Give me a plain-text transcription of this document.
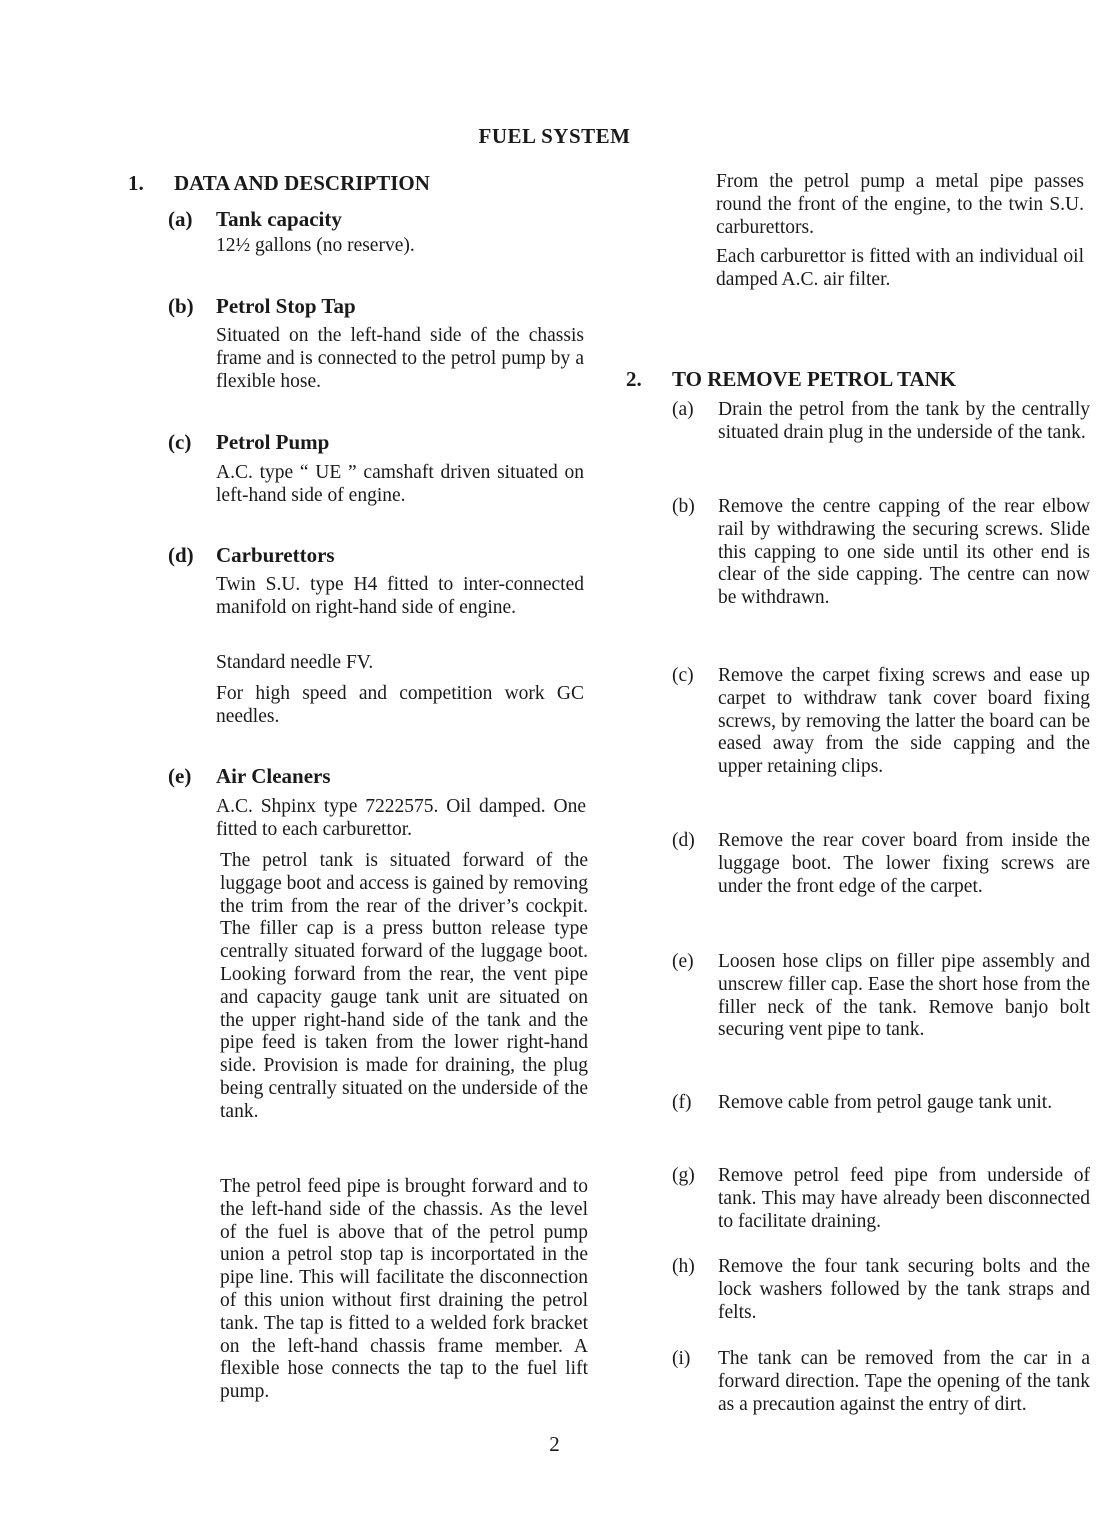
FUEL SYSTEM
1. DATA AND DESCRIPTION
(a) Tank capacity
12½ gallons (no reserve).
(b) Petrol Stop Tap
Situated on the left-hand side of the chassis frame and is connected to the petrol pump by a flexible hose.
(c) Petrol Pump
A.C. type “ UE ” camshaft driven situated on left-hand side of engine.
(d) Carburettors
Twin S.U. type H4 fitted to inter-connected manifold on right-hand side of engine.
Standard needle FV.
For high speed and competition work GC needles.
(e) Air Cleaners
A.C. Shpinx type 7222575. Oil damped. One fitted to each carburettor.
The petrol tank is situated forward of the luggage boot and access is gained by removing the trim from the rear of the driver’s cockpit. The filler cap is a press button release type centrally situated forward of the luggage boot. Looking forward from the rear, the vent pipe and capacity gauge tank unit are situated on the upper right-hand side of the tank and the pipe feed is taken from the lower right-hand side. Provision is made for draining, the plug being centrally situated on the underside of the tank.
The petrol feed pipe is brought forward and to the left-hand side of the chassis. As the level of the fuel is above that of the petrol pump union a petrol stop tap is incorportated in the pipe line. This will facilitate the disconnection of this union without first draining the petrol tank. The tap is fitted to a welded fork bracket on the left-hand chassis frame member. A flexible hose connects the tap to the fuel lift pump.
From the petrol pump a metal pipe passes round the front of the engine, to the twin S.U. carburettors.
Each carburettor is fitted with an individual oil damped A.C. air filter.
2. TO REMOVE PETROL TANK
(a) Drain the petrol from the tank by the centrally situated drain plug in the underside of the tank.
(b) Remove the centre capping of the rear elbow rail by withdrawing the securing screws. Slide this capping to one side until its other end is clear of the side capping. The centre can now be withdrawn.
(c) Remove the carpet fixing screws and ease up carpet to withdraw tank cover board fixing screws, by removing the latter the board can be eased away from the side capping and the upper retaining clips.
(d) Remove the rear cover board from inside the luggage boot. The lower fixing screws are under the front edge of the carpet.
(e) Loosen hose clips on filler pipe assembly and unscrew filler cap. Ease the short hose from the filler neck of the tank. Remove banjo bolt securing vent pipe to tank.
(f) Remove cable from petrol gauge tank unit.
(g) Remove petrol feed pipe from underside of tank. This may have already been disconnected to facilitate draining.
(h) Remove the four tank securing bolts and the lock washers followed by the tank straps and felts.
(i) The tank can be removed from the car in a forward direction. Tape the opening of the tank as a precaution against the entry of dirt.
2
